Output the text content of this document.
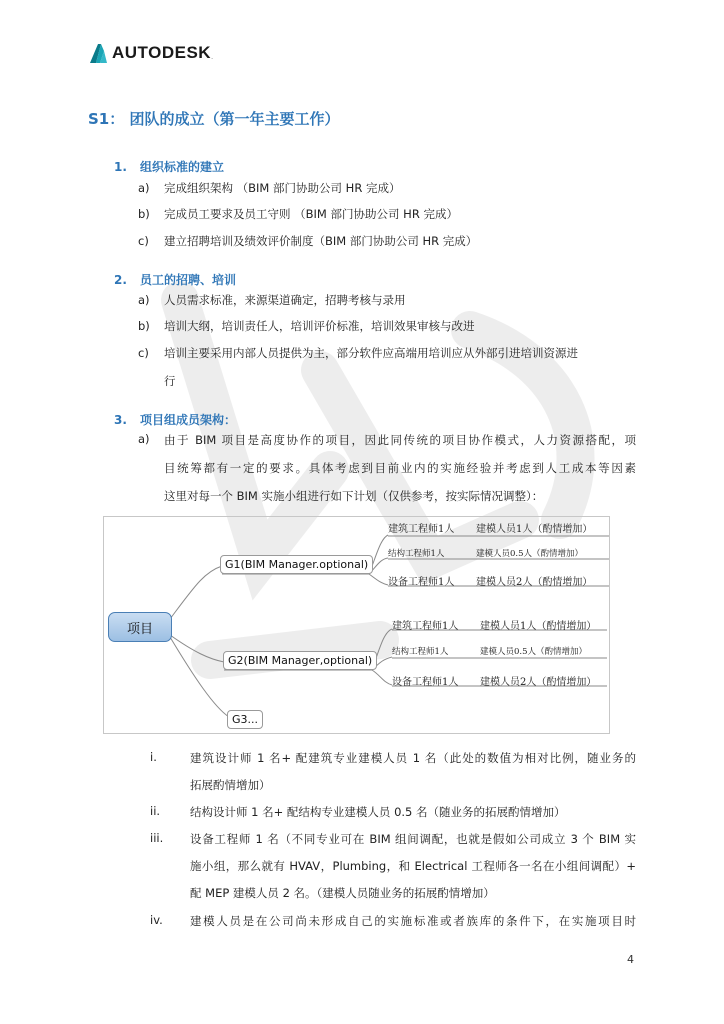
AUTODESK .
S1： 团队的成立（第一年主要工作）
1. 组织标准的建立
a) 完成组织架构 （BIM 部门协助公司 HR 完成）
b) 完成员工要求及员工守则 （BIM 部门协助公司 HR 完成）
c) 建立招聘培训及绩效评价制度（BIM 部门协助公司 HR 完成）
2. 员工的招聘、培训
a) 人员需求标准，来源渠道确定，招聘考核与录用
b) 培训大纲，培训责任人，培训评价标准，培训效果审核与改进
c) 培训主要采用内部人员提供为主，部分软件应高端用培训应从外部引进培训资源进
行
3. 项目组成员架构：
a) 由于 BIM 项目是高度协作的项目，因此同传统的项目协作模式，人力资源搭配，项
目统筹都有一定的要求。具体考虑到目前业内的实施经验并考虑到人工成本等因素
这里对每一个 BIM 实施小组进行如下计划（仅供参考，按实际情况调整）：
项目
G1(BIM Manager.optional)
G2(BIM Manager,optional)
G3...
建筑工程师1人 建模人员1人（酌情增加）
结构工程师1人	建模人员0.5人（酌情增加）
设备工程师1人 建模人员2人（酌情增加）
建筑工程师1人 建模人员1人（酌情增加）
结构工程师1人	建模人员0.5人（酌情增加）
设备工程师1人 建模人员2人（酌情增加）
i.	建筑设计师 1 名+ 配建筑专业建模人员 1 名（此处的数值为相对比例，随业务的
拓展酌情增加）
ii.	结构设计师 1 名+ 配结构专业建模人员 0.5 名（随业务的拓展酌情增加）
iii. 设备工程师 1 名（不同专业可在 BIM 组间调配，也就是假如公司成立 3 个 BIM 实
施小组，那么就有 HVAV，Plumbing，和 Electrical 工程师各一名在小组间调配）+
配 MEP 建模人员 2 名。（建模人员随业务的拓展酌情增加）
iv. 建模人员是在公司尚未形成自己的实施标准或者族库的条件下，在实施项目时
4
